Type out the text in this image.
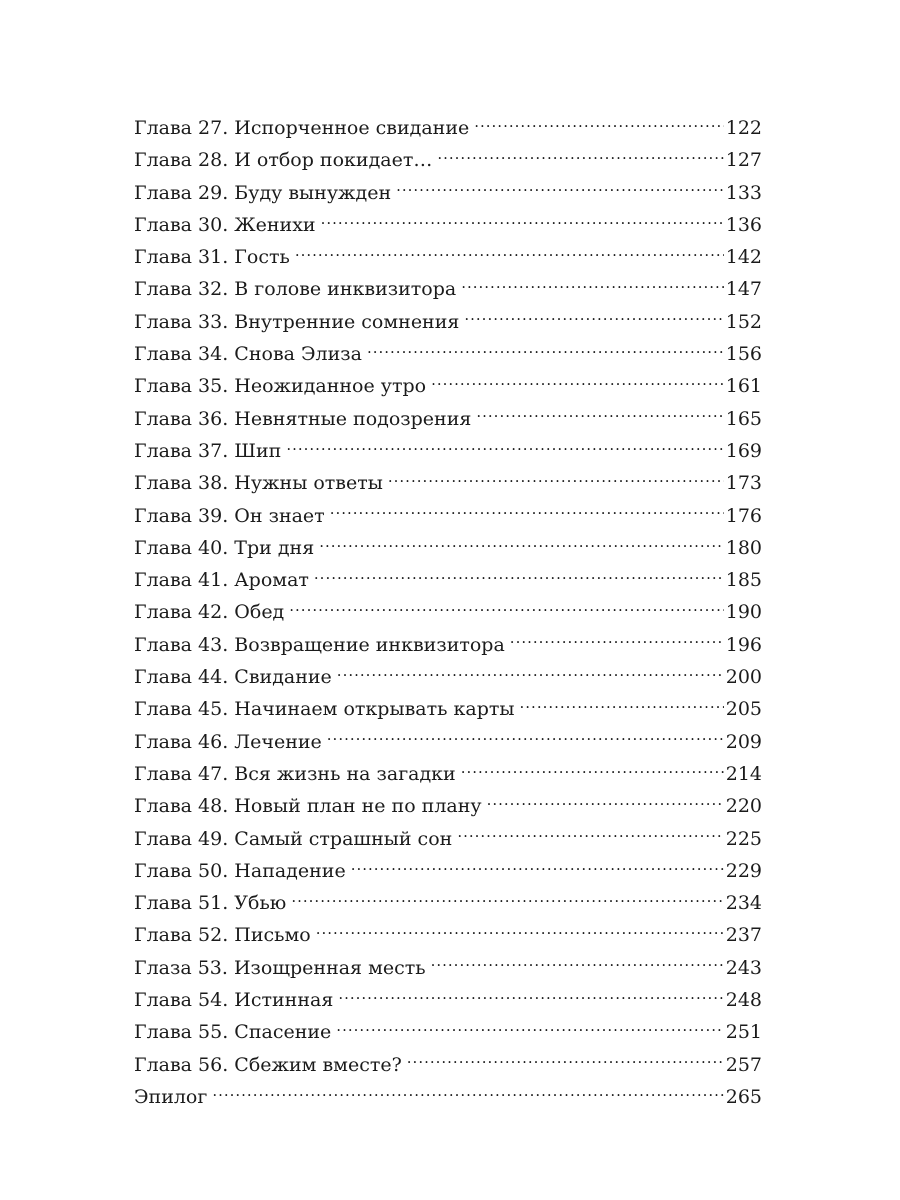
Глава 27. Испорченное свидание .....	122
Глава 28. И отбор покидает… .....	127
Глава 29. Буду вынужден .....	133
Глава 30. Женихи .....	136
Глава 31. Гость .....	142
Глава 32. В голове инквизитора .....	147
Глава 33. Внутренние сомнения .....	152
Глава 34. Снова Элиза .....	156
Глава 35. Неожиданное утро .....	161
Глава 36. Невнятные подозрения .....	165
Глава 37. Шип .....	169
Глава 38. Нужны ответы .....	173
Глава 39. Он знает .....	176
Глава 40. Три дня .....	180
Глава 41. Аромат .....	185
Глава 42. Обед .....	190
Глава 43. Возвращение инквизитора .....	196
Глава 44. Свидание .....	200
Глава 45. Начинаем открывать карты .....	205
Глава 46. Лечение .....	209
Глава 47. Вся жизнь на загадки .....	214
Глава 48. Новый план не по плану .....	220
Глава 49. Самый страшный сон .....	225
Глава 50. Нападение .....	229
Глава 51. Убью .....	234
Глава 52. Письмо .....	237
Глаза 53. Изощренная месть .....	243
Глава 54. Истинная .....	248
Глава 55. Спасение .....	251
Глава 56. Сбежим вместе? .....	257
Эпилог .....	265
